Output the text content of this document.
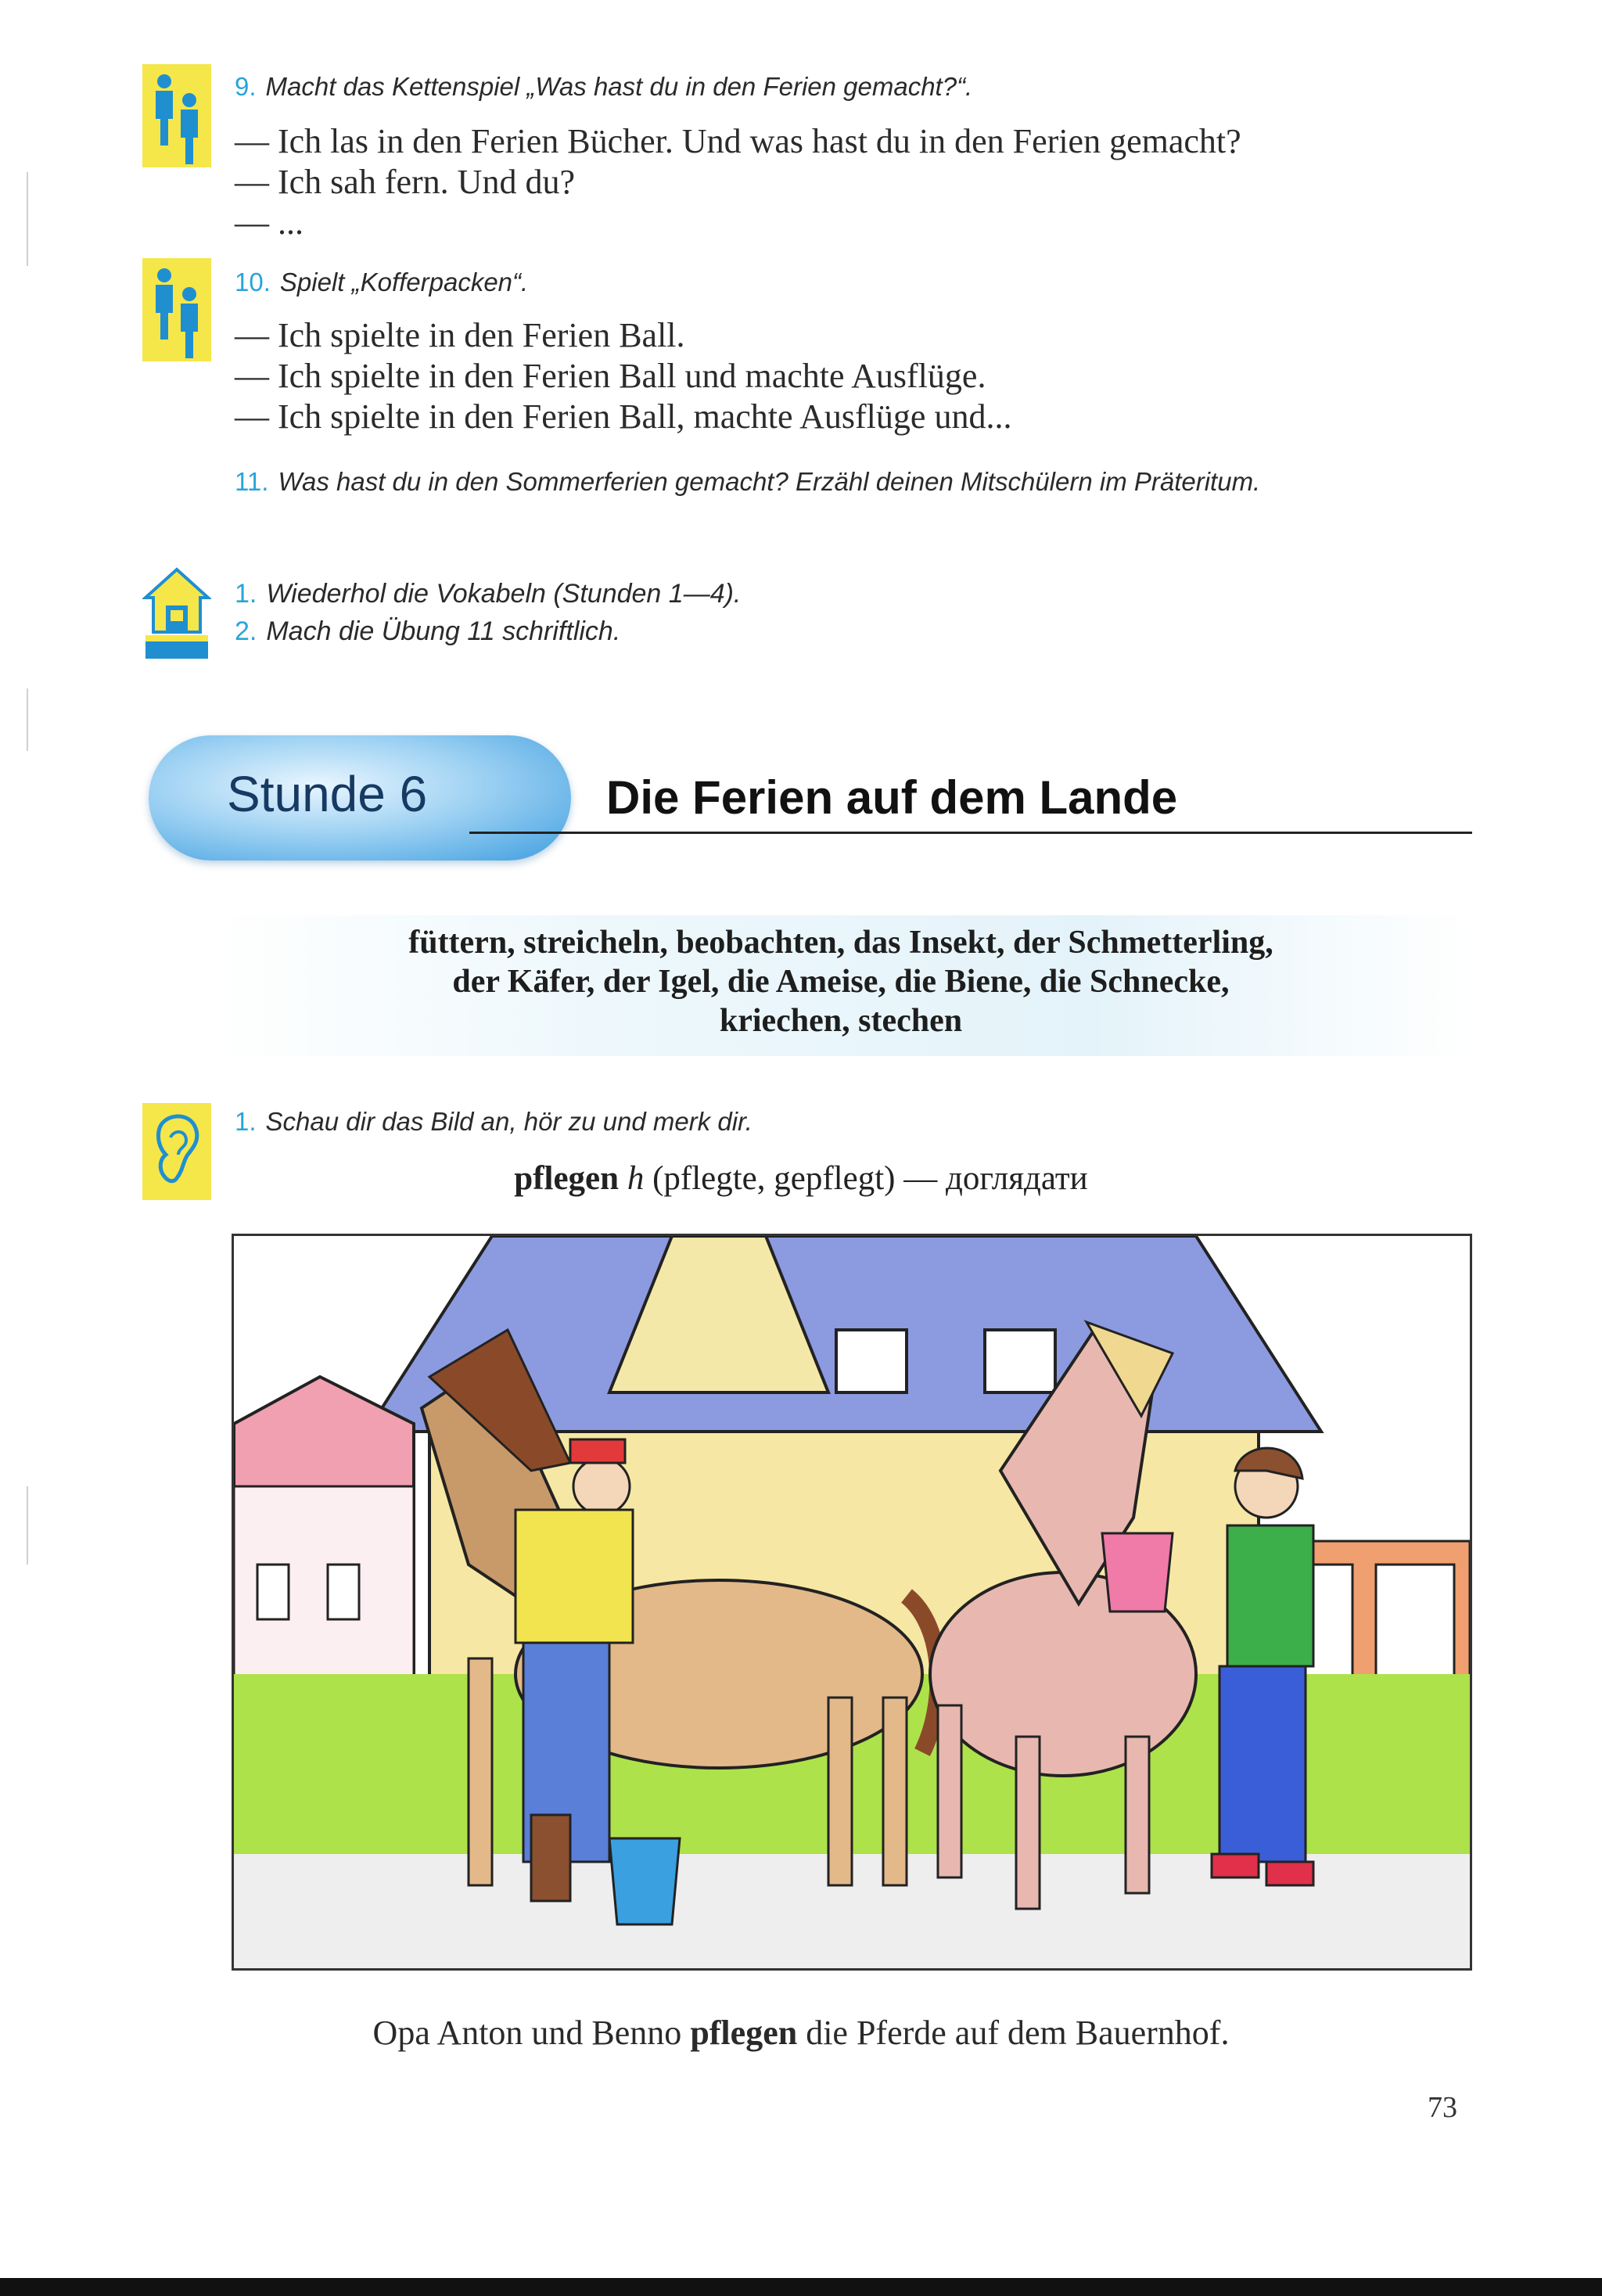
9. Macht das Kettenspiel „Was hast du in den Ferien gemacht?“.
— Ich las in den Ferien Bücher. Und was hast du in den Ferien gemacht?
— Ich sah fern. Und du?
— ...
10. Spielt „Kofferpacken“.
— Ich spielte in den Ferien Ball.
— Ich spielte in den Ferien Ball und machte Ausflüge.
— Ich spielte in den Ferien Ball, machte Ausflüge und...
11. Was hast du in den Sommerferien gemacht? Erzähl deinen Mitschülern im Präteritum.
1. Wiederhol die Vokabeln (Stunden 1—4).
2. Mach die Übung 11 schriftlich.
Stunde 6	Die Ferien auf dem Lande
füttern, streicheln, beobachten, das Insekt, der Schmetterling,
der Käfer, der Igel, die Ameise, die Biene, die Schnecke,
kriechen, stechen
1. Schau dir das Bild an, hör zu und merk dir.
pflegen h (pflegte, gepflegt) — доглядати
Opa Anton und Benno pflegen die Pferde auf dem Bauernhof.
73
